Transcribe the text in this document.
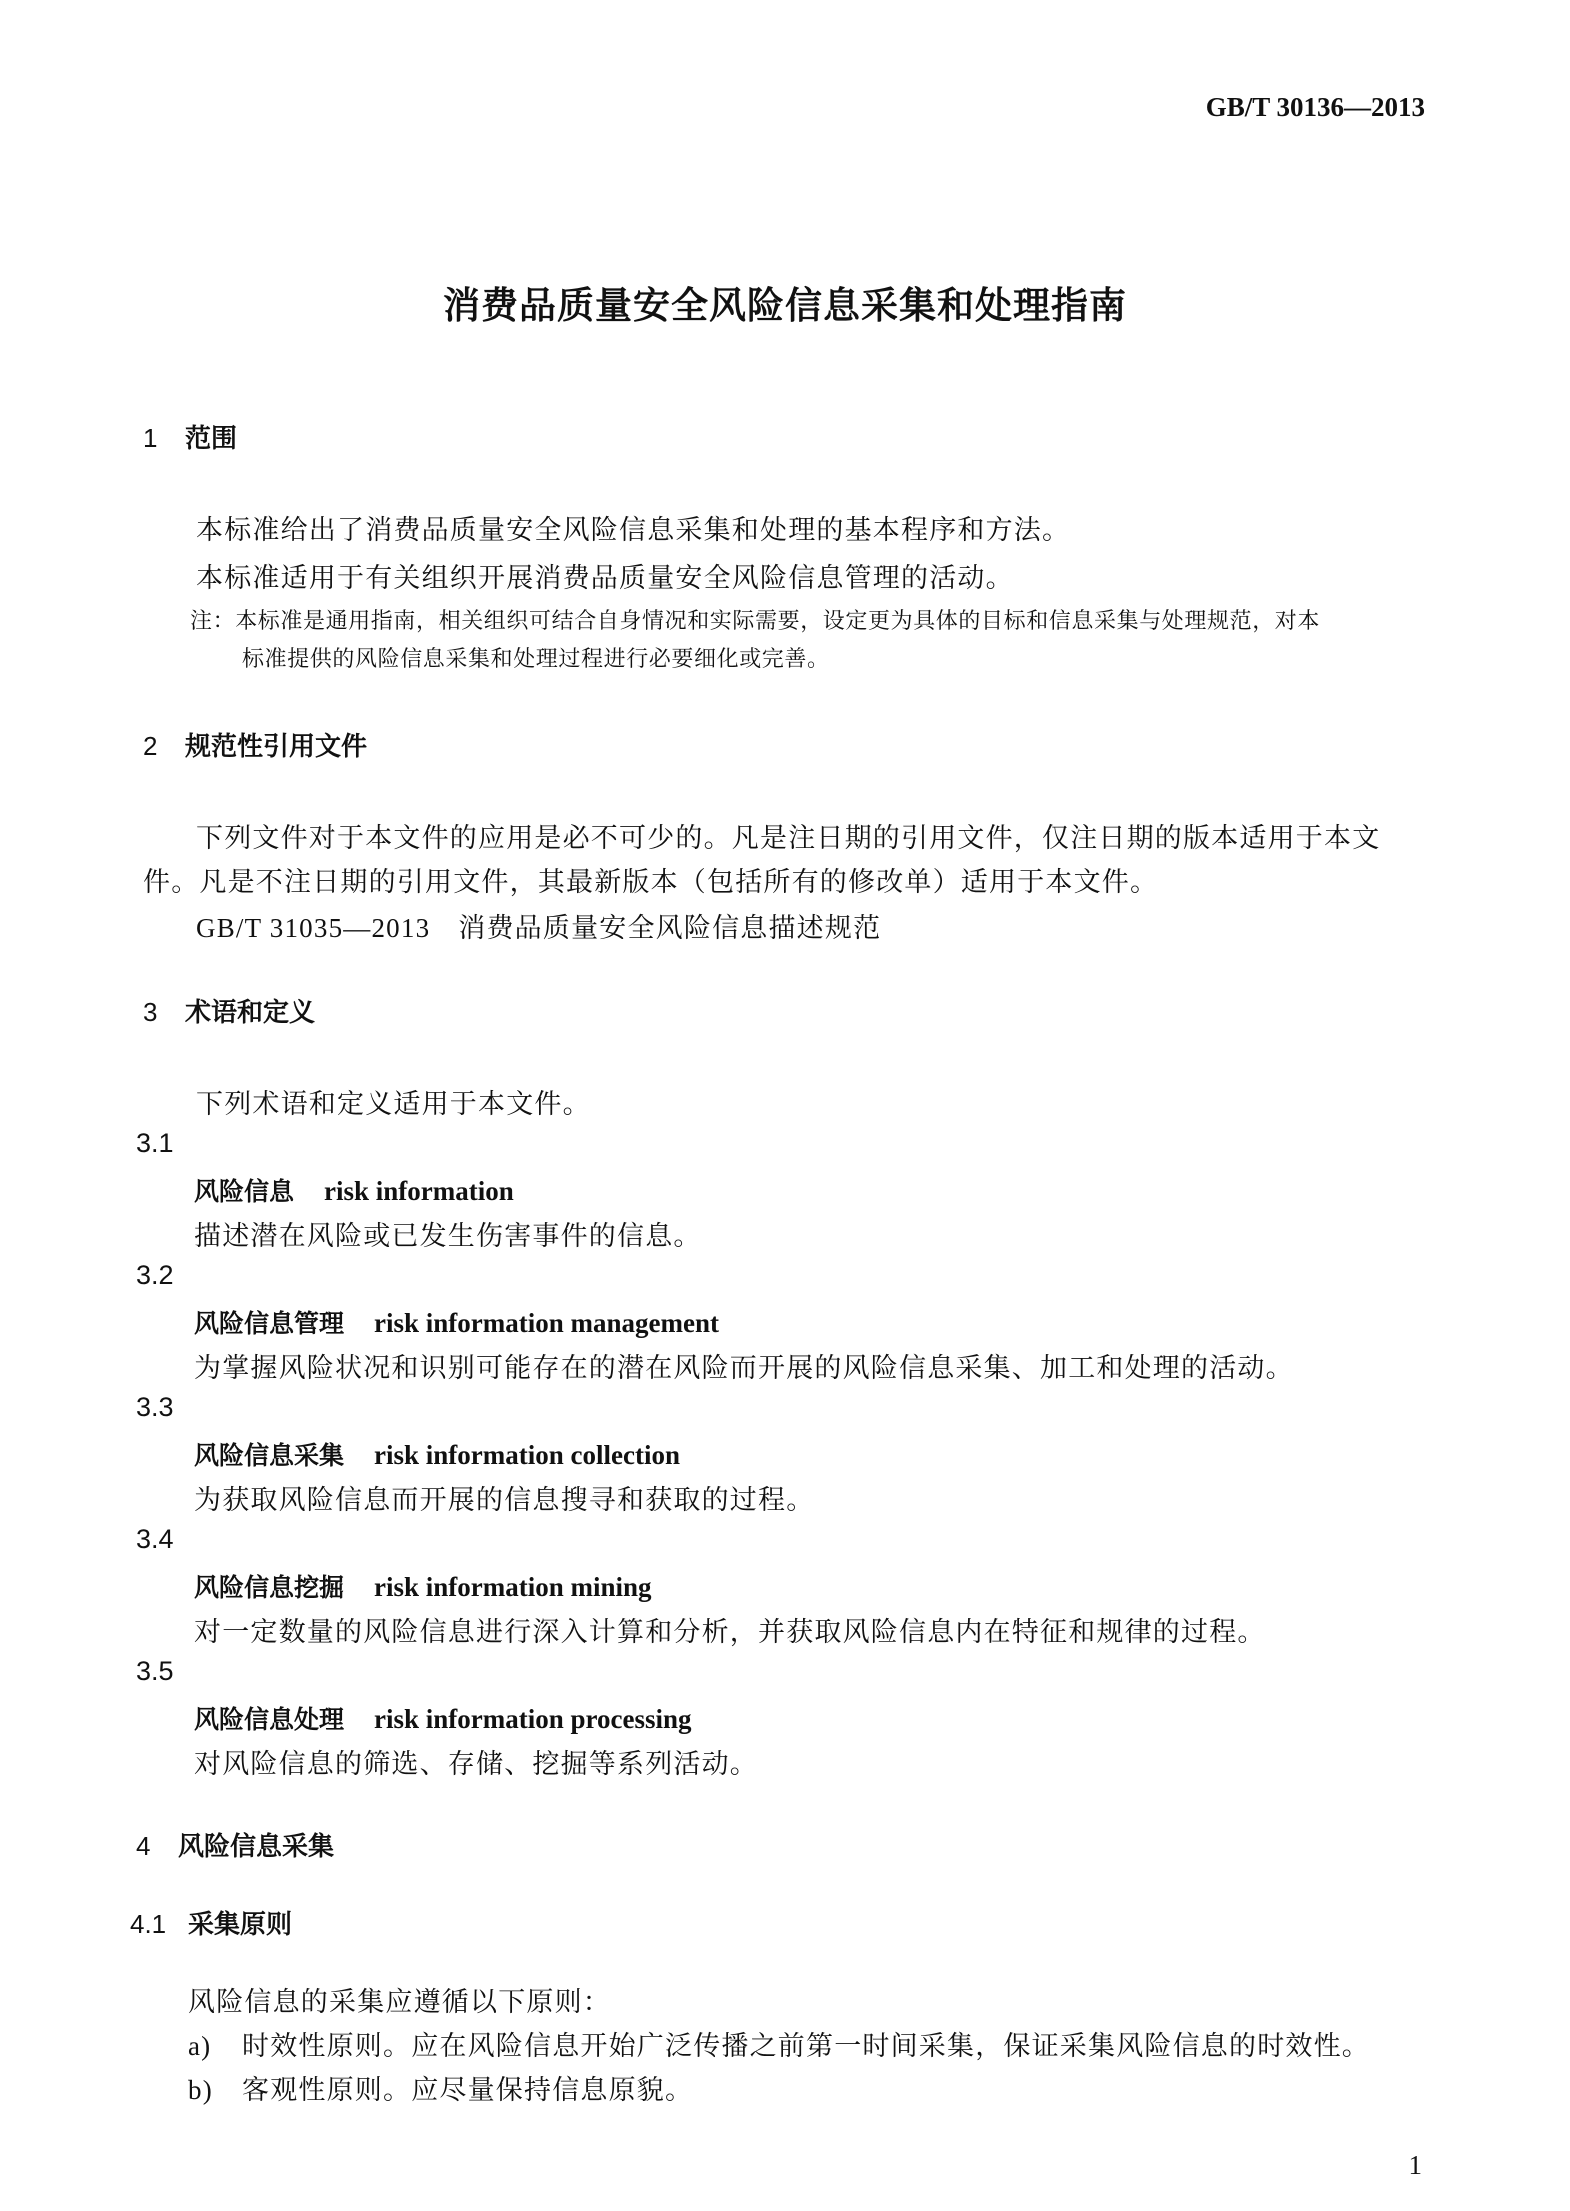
GB/T 30136—2013
消费品质量安全风险信息采集和处理指南
1 范围
本标准给出了消费品质量安全风险信息采集和处理的基本程序和方法。
本标准适用于有关组织开展消费品质量安全风险信息管理的活动。
注：本标准是通用指南，相关组织可结合自身情况和实际需要，设定更为具体的目标和信息采集与处理规范，对本
标准提供的风险信息采集和处理过程进行必要细化或完善。
2 规范性引用文件
下列文件对于本文件的应用是必不可少的。凡是注日期的引用文件，仅注日期的版本适用于本文
件。凡是不注日期的引用文件，其最新版本（包括所有的修改单）适用于本文件。
GB/T 31035—2013 消费品质量安全风险信息描述规范
3 术语和定义
下列术语和定义适用于本文件。
3.1
风险信息 risk information
描述潜在风险或已发生伤害事件的信息。
3.2
风险信息管理 risk information management
为掌握风险状况和识别可能存在的潜在风险而开展的风险信息采集、加工和处理的活动。
3.3
风险信息采集 risk information collection
为获取风险信息而开展的信息搜寻和获取的过程。
3.4
风险信息挖掘 risk information mining
对一定数量的风险信息进行深入计算和分析，并获取风险信息内在特征和规律的过程。
3.5
风险信息处理 risk information processing
对风险信息的筛选、存储、挖掘等系列活动。
4 风险信息采集
4.1 采集原则
风险信息的采集应遵循以下原则：
a) 时效性原则。应在风险信息开始广泛传播之前第一时间采集，保证采集风险信息的时效性。
b) 客观性原则。应尽量保持信息原貌。
1
